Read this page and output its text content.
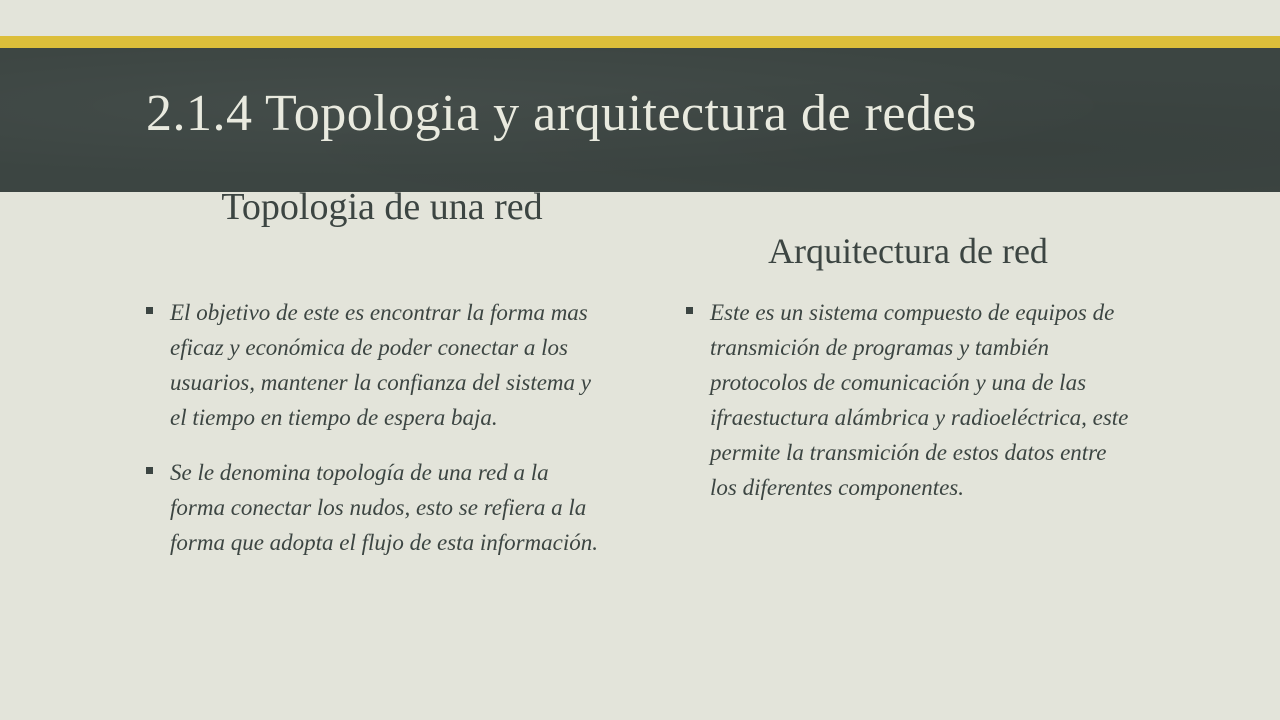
2.1.4 Topologia y arquitectura de redes
Topologia de una red
Arquitectura de red
El objetivo de este es encontrar la forma mas eficaz y económica de poder conectar a los usuarios, mantener la confianza del sistema y el tiempo en tiempo de espera baja.
Se le denomina topología de una red a la forma conectar los nudos, esto se refiera a la forma que adopta el flujo de esta información.
Este es un sistema compuesto de equipos de transmición de programas y también protocolos de comunicación y una de las ifraestuctura alámbrica y radioeléctrica, este permite la transmición de estos datos entre los diferentes componentes.
